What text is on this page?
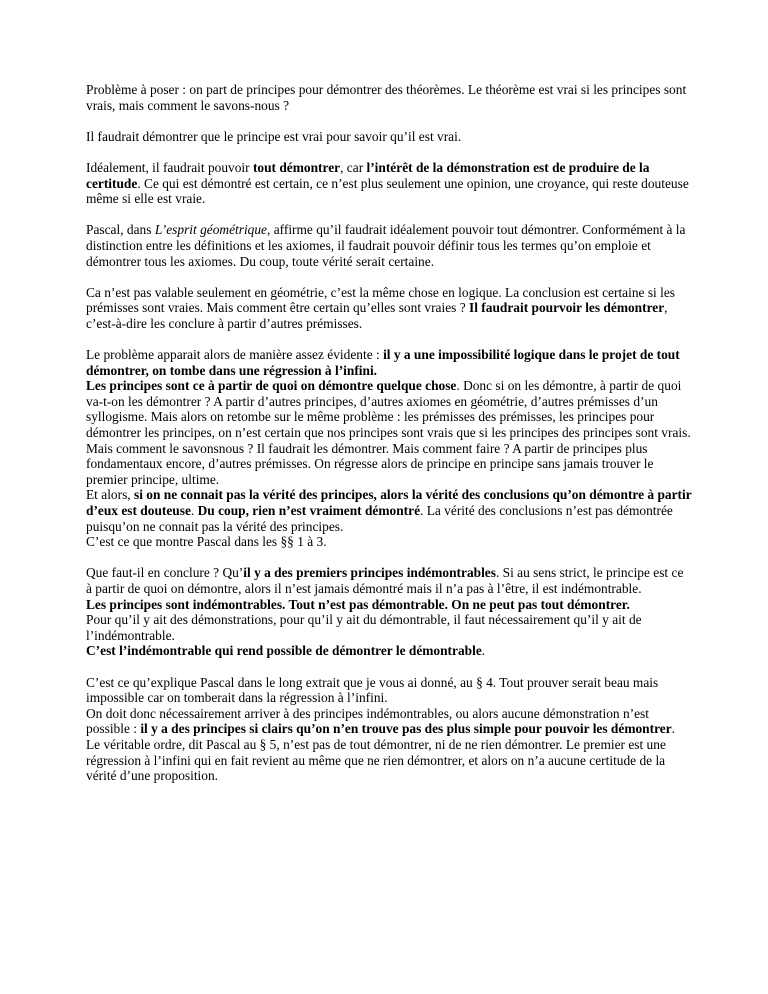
Problème à poser : on part de principes pour démontrer des théorèmes. Le théorème est vrai si les principes sont vrais, mais comment le savons-nous ?

Il faudrait démontrer que le principe est vrai pour savoir qu’il est vrai.

Idéalement, il faudrait pouvoir tout démontrer, car l’intérêt de la démonstration est de produire de la certitude. Ce qui est démontré est certain, ce n’est plus seulement une opinion, une croyance, qui reste douteuse même si elle est vraie.

Pascal, dans L’esprit géométrique, affirme qu’il faudrait idéalement pouvoir tout démontrer. Conformément à la distinction entre les définitions et les axiomes, il faudrait pouvoir définir tous les termes qu’on emploie et démontrer tous les axiomes. Du coup, toute vérité serait certaine.

Ca n’est pas valable seulement en géométrie, c’est la même chose en logique. La conclusion est certaine si les prémisses sont vraies. Mais comment être certain qu’elles sont vraies ? Il faudrait pourvoir les démontrer, c’est-à-dire les conclure à partir d’autres prémisses.

Le problème apparait alors de manière assez évidente : il y a une impossibilité logique dans le projet de tout démontrer, on tombe dans une régression à l’infini.
Les principes sont ce à partir de quoi on démontre quelque chose. Donc si on les démontre, à partir de quoi va-t-on les démontrer ? A partir d’autres principes, d’autres axiomes en géométrie, d’autres prémisses d’un syllogisme. Mais alors on retombe sur le même problème : les prémisses des prémisses, les principes pour démontrer les principes, on n’est certain que nos principes sont vrais que si les principes des principes sont vrais. Mais comment le savonsnous ? Il faudrait les démontrer. Mais comment faire ? A partir de principes plus fondamentaux encore, d’autres prémisses. On régresse alors de principe en principe sans jamais trouver le premier principe, ultime.
Et alors, si on ne connait pas la vérité des principes, alors la vérité des conclusions qu’on démontre à partir d’eux est douteuse. Du coup, rien n’est vraiment démontré. La vérité des conclusions n’est pas démontrée puisqu’on ne connait pas la vérité des principes.
C’est ce que montre Pascal dans les §§ 1 à 3.

Que faut-il en conclure ? Qu’il y a des premiers principes indémontrables. Si au sens strict, le principe est ce à partir de quoi on démontre, alors il n’est jamais démontré mais il n’a pas à l’être, il est indémontrable.
Les principes sont indémontrables. Tout n’est pas démontrable. On ne peut pas tout démontrer.
Pour qu’il y ait des démonstrations, pour qu’il y ait du démontrable, il faut nécessairement qu’il y ait de l’indémontrable.
C’est l’indémontrable qui rend possible de démontrer le démontrable.

C’est ce qu’explique Pascal dans le long extrait que je vous ai donné, au § 4. Tout prouver serait beau mais impossible car on tomberait dans la régression à l’infini.
On doit donc nécessairement arriver à des principes indémontrables, ou alors aucune démonstration n’est possible : il y a des principes si clairs qu’on n’en trouve pas des plus simple pour pouvoir les démontrer.
Le véritable ordre, dit Pascal au § 5, n’est pas de tout démontrer, ni de ne rien démontrer. Le premier est une régression à l’infini qui en fait revient au même que ne rien démontrer, et alors on n’a aucune certitude de la vérité d’une proposition.
